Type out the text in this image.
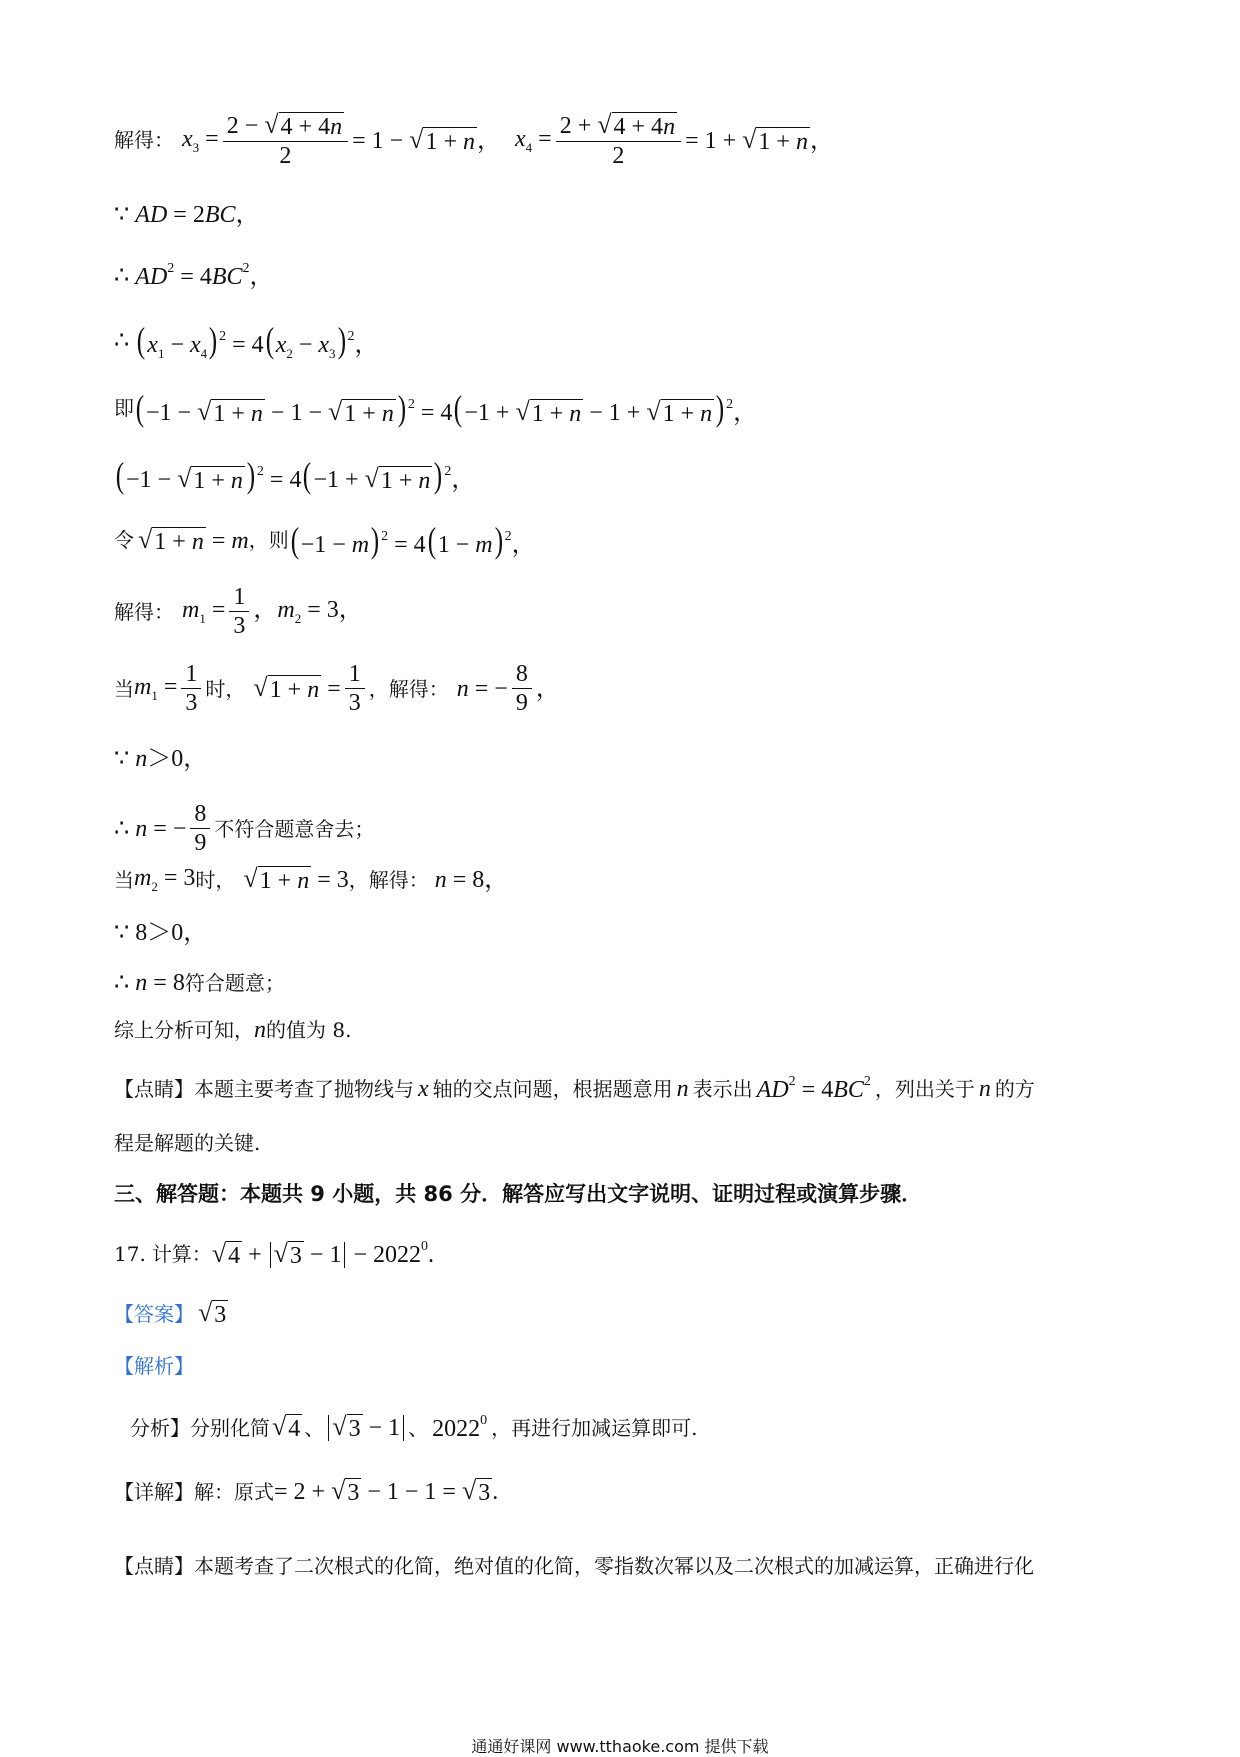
解得： $x_3 = \frac{2 - √ 4 + 4n}{2} = 1$ − √ 1 + n ， $x_4 = \frac{2 + √ 4 + 4n}{2} = 1$ + √ 1 + n ，
∵ AD = 2BC，
∴ $AD^2 = 4BC^2$，
∴ $(x_1 - x_4) ^2 = 4(x_2 - x_3)$ $^2$，
即 (−1 − √ 1 + n − 1 − √ 1 + n ) $^2$ = 4(−1 + √ 1 + n − 1 + √ 1 + n ) $^2$，
(−1 − √ 1 + n ) $^2$ = 4(−1 + √ 1 + n ) $^2$，
令 √ 1 + n = m ，则 (−1 − m) $^2$ = 4(1 − m) $^2$，
解得： $m_1 = \frac{1}{3}$ ，$m_2 = 3$，
当 $m_1 = \frac{1}{3}$ 时， √ $1 + n = \frac{1}{3}$ ，解得： n = − $\frac{8}{9}$ ，
∵ n＞0，
∴ n = − $\frac{8}{9}$ 不符合题意舍去；
当 $m_2 = 3$ 时， √ 1 + n = 3 ，解得： n = 8，
∵ 8＞0，
∴ n = 8 符合题意；
综上分析可知， n 的值为 8.
【点睛】 本题主要考查了抛物线与 x 轴的交点问题，根据题意用 n 表示出 $AD^2 = 4BC^2$ ，列出关于 n 的方
程是解题的关键.
三、解答题：本题共 9 小题，共 86 分．解答应写出文字说明、证明过程或演算步骤．
17. 计算： √ 4 + √ $3 - 1 - 2022^0$.
【答案】 √ 3
【解析】
分析】 分别化简 √ 4 、 √ 3 − 1 、 2022$^0$ ，再进行加减运算即可.
【详解】 解：原式 = 2 + √ 3 − 1 − 1 = √ 3 .
【点睛】 本题考查了二次根式的化简，绝对值的化简，零指数次幂以及二次根式的加减运算，正确进行化
通通好课网 www.tthaoke.com 提供下载
